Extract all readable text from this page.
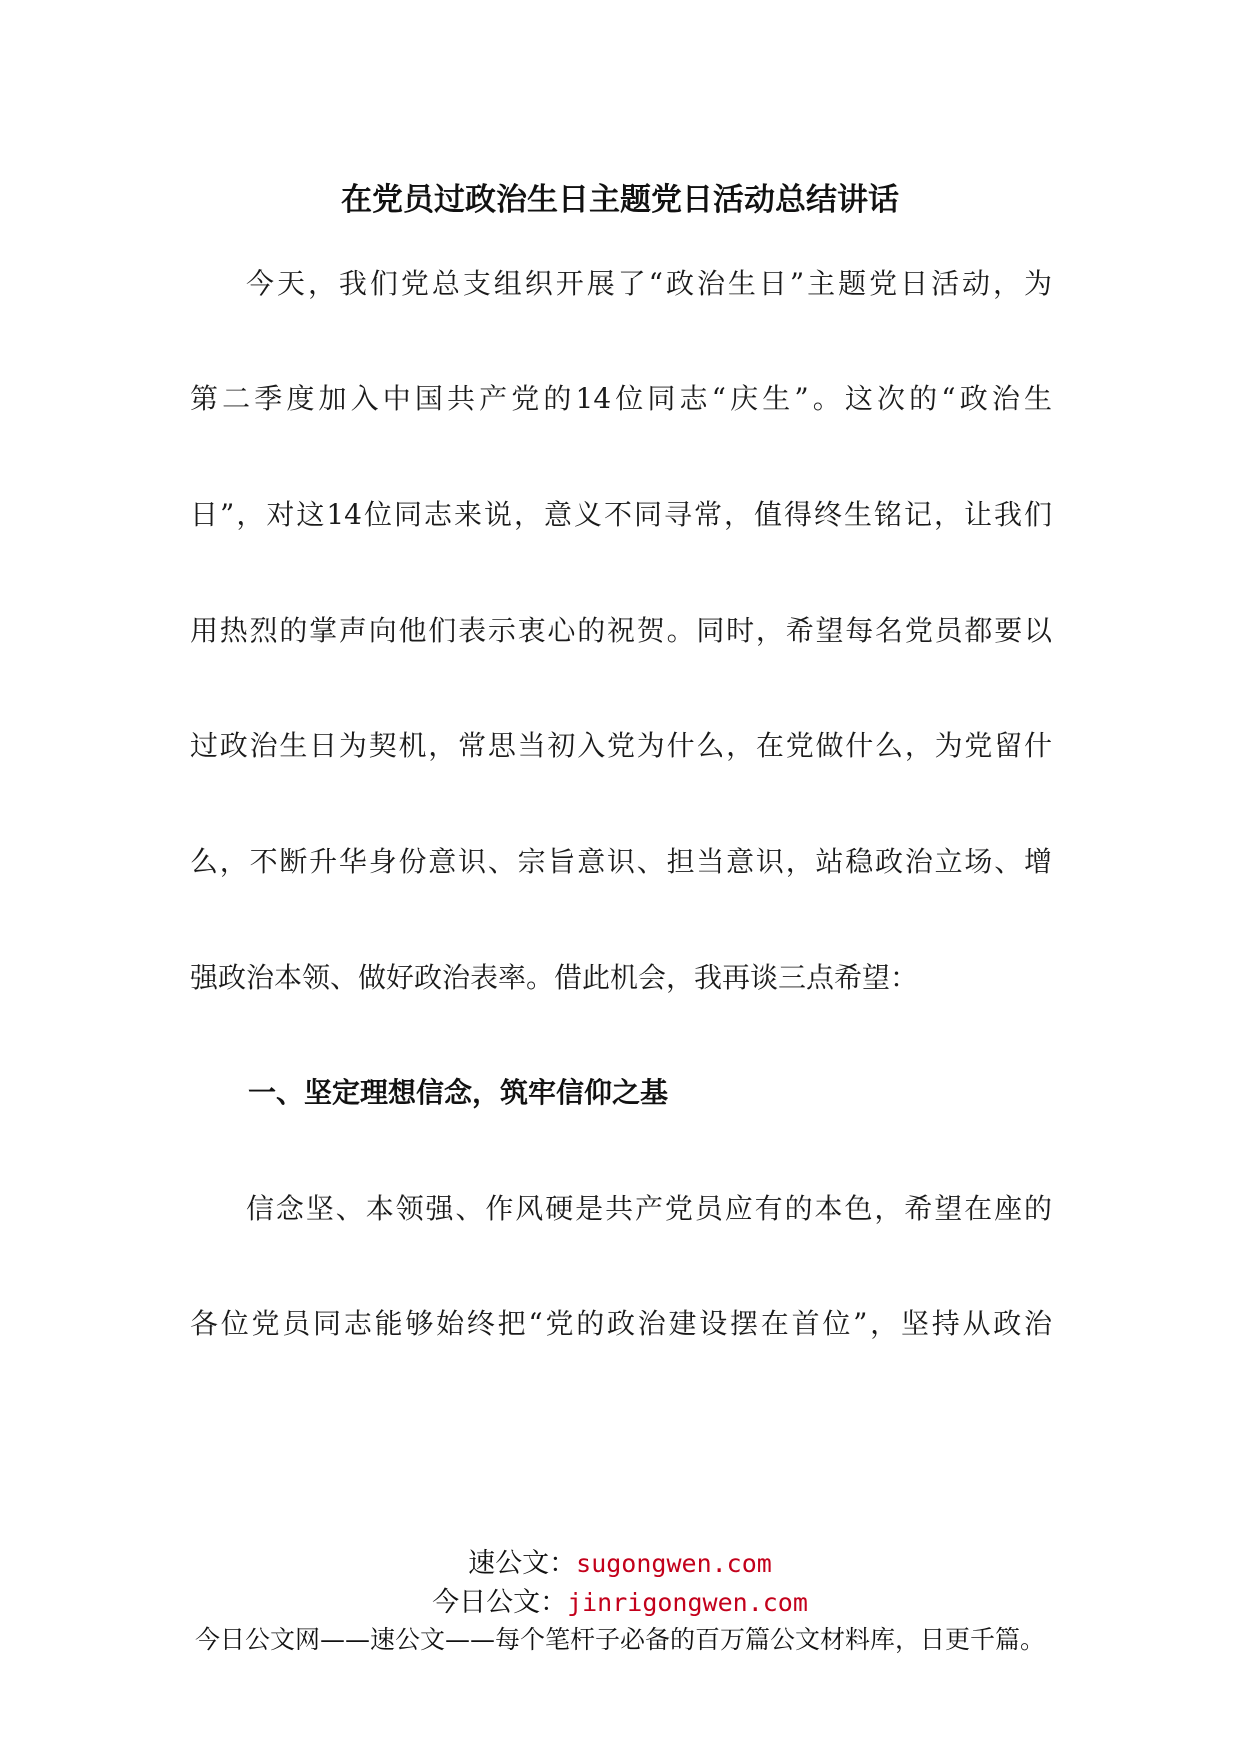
在党员过政治生日主题党日活动总结讲话
今天，我们党总支组织开展了“政治生日”主题党日活动，为
第二季度加入中国共产党的14位同志“庆生”。这次的“政治生
日”，对这14位同志来说，意义不同寻常，值得终生铭记，让我们
用热烈的掌声向他们表示衷心的祝贺。同时，希望每名党员都要以
过政治生日为契机，常思当初入党为什么，在党做什么，为党留什
么，不断升华身份意识、宗旨意识、担当意识，站稳政治立场、增
强政治本领、做好政治表率。借此机会，我再谈三点希望：
一、坚定理想信念，筑牢信仰之基
信念坚、本领强、作风硬是共产党员应有的本色，希望在座的
各位党员同志能够始终把“党的政治建设摆在首位”，坚持从政治
速公文：sugongwen.com
今日公文：jinrigongwen.com
今日公文网——速公文——每个笔杆子必备的百万篇公文材料库，日更千篇。
